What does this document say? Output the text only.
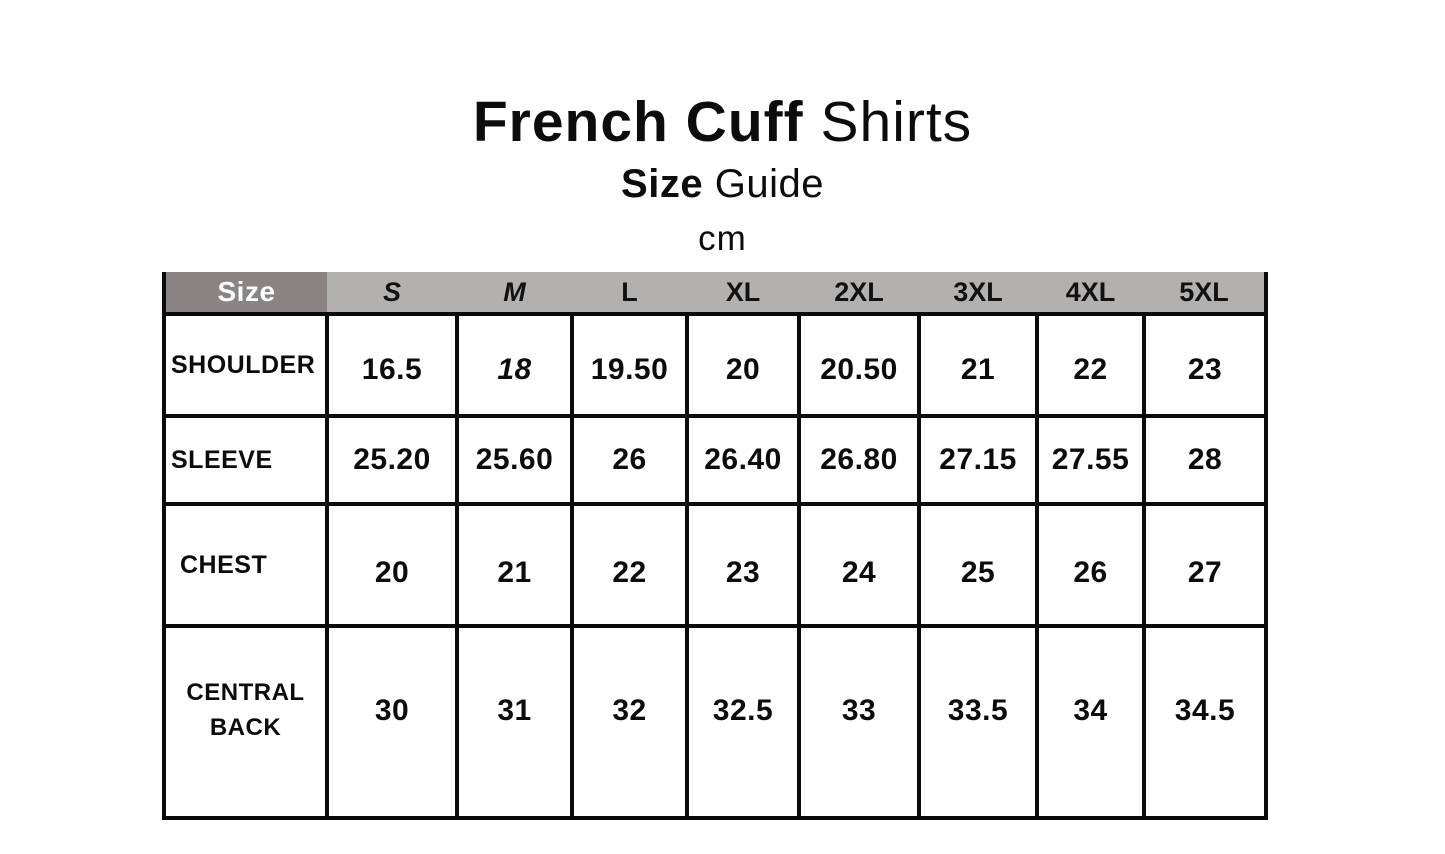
French Cuff Shirts
Size Guide
cm
Size	S	M	L	XL	2XL	3XL	4XL	5XL
SHOULDER	16.5	18	19.50	20	20.50	21	22	23
SLEEVE	25.20	25.60	26	26.40	26.80	27.15	27.55	28
CHEST	20	21	22	23	24	25	26	27
CENTRAL BACK	30	31	32	32.5	33	33.5	34	34.5
